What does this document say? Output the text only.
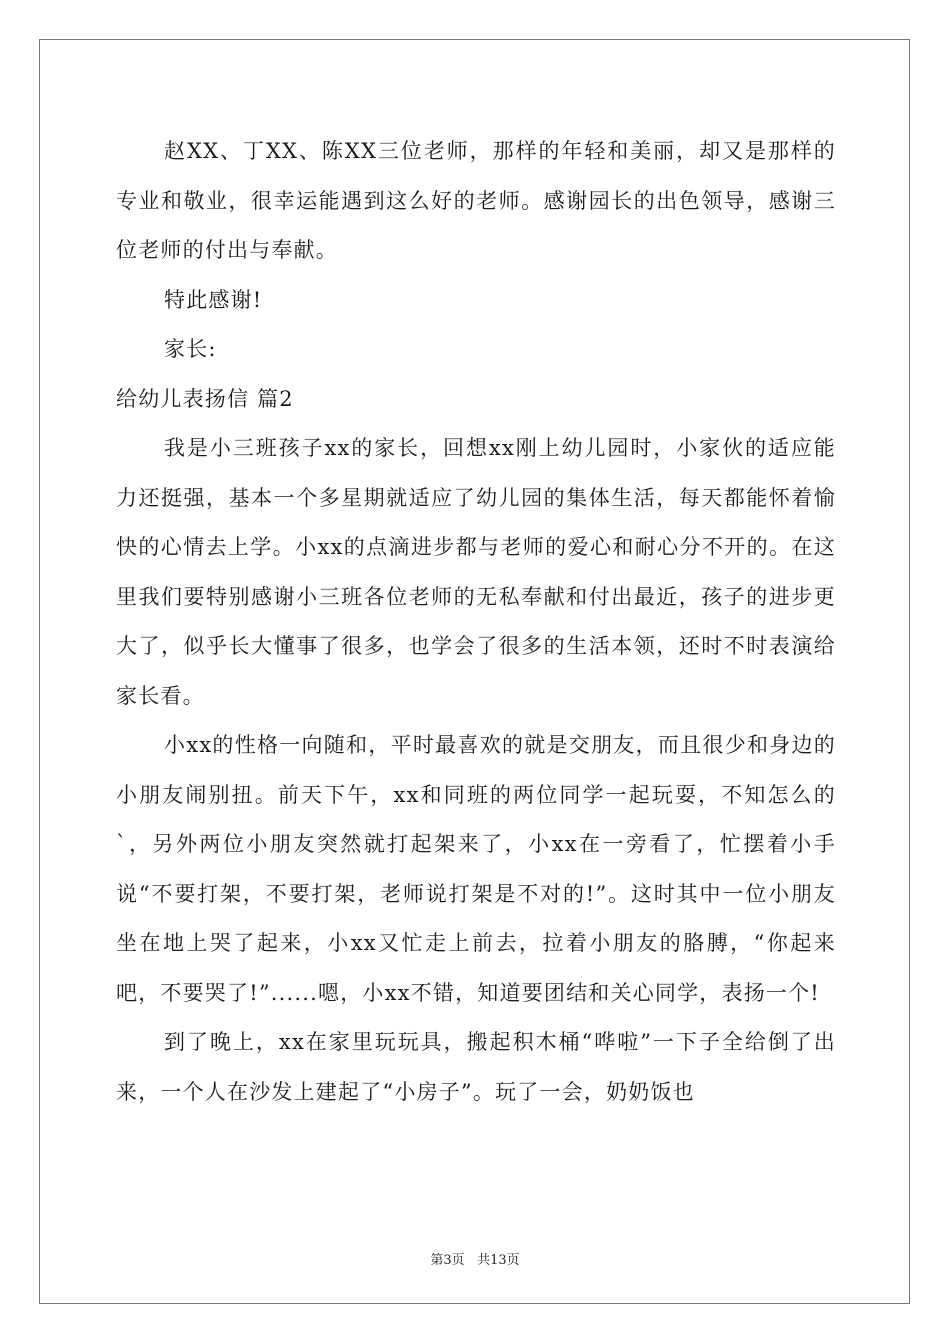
赵XX、丁XX、陈XX三位老师，那样的年轻和美丽，却又是那样的专业和敬业，很幸运能遇到这么好的老师。感谢园长的出色领导，感谢三位老师的付出与奉献。

特此感谢!

家长:

给幼儿表扬信 篇2

我是小三班孩子xx的家长，回想xx刚上幼儿园时，小家伙的适应能力还挺强，基本一个多星期就适应了幼儿园的集体生活，每天都能怀着愉快的心情去上学。小xx的点滴进步都与老师的爱心和耐心分不开的。在这里我们要特别感谢小三班各位老师的无私奉献和付出最近，孩子的进步更大了，似乎长大懂事了很多，也学会了很多的生活本领，还时不时表演给家长看。

小xx的性格一向随和，平时最喜欢的就是交朋友，而且很少和身边的小朋友闹别扭。前天下午，xx和同班的两位同学一起玩耍，不知怎么的`，另外两位小朋友突然就打起架来了，小xx在一旁看了，忙摆着小手说“不要打架，不要打架，老师说打架是不对的!”。这时其中一位小朋友坐在地上哭了起来，小xx又忙走上前去，拉着小朋友的胳膊，“你起来吧，不要哭了!”......嗯，小xx不错，知道要团结和关心同学，表扬一个!

到了晚上，xx在家里玩玩具，搬起积木桶“哗啦”一下子全给倒了出来，一个人在沙发上建起了“小房子”。玩了一会，奶奶饭也

第3页 共13页
